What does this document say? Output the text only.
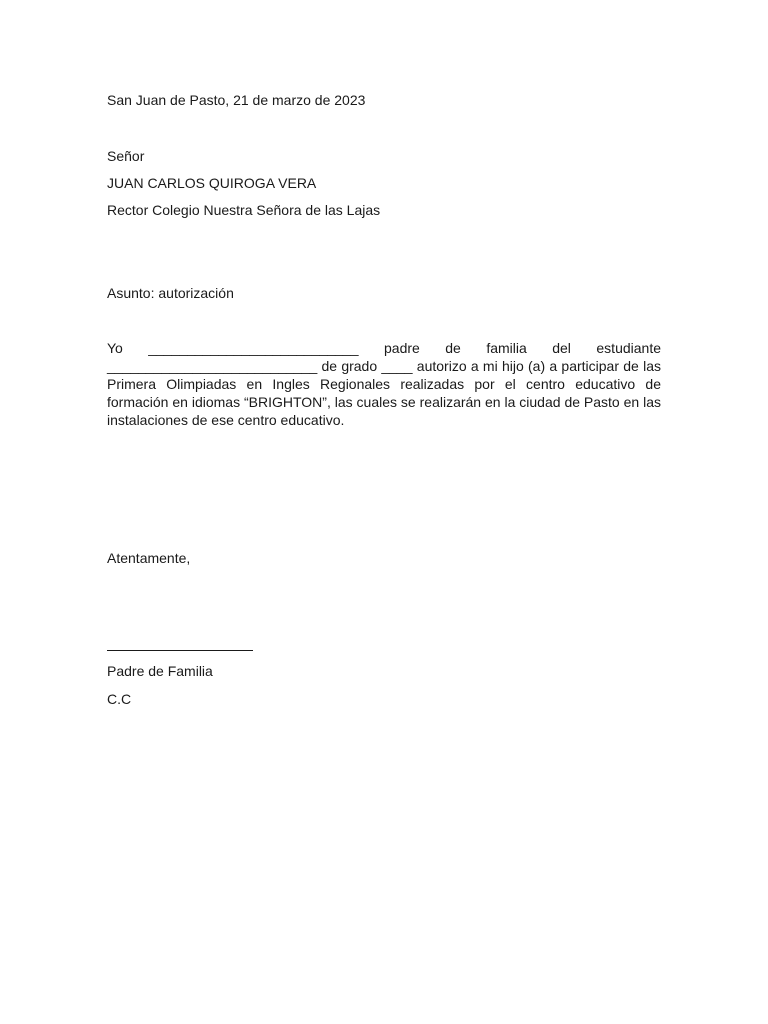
San Juan de Pasto, 21 de marzo de 2023
Señor
JUAN CARLOS QUIROGA VERA
Rector Colegio Nuestra Señora de las Lajas
Asunto: autorización
Yo ___________________________ padre de familia del estudiante ___________________________ de grado ____ autorizo a mi hijo (a) a participar de las Primera Olimpiadas en Ingles Regionales realizadas por el centro educativo de formación en idiomas “BRIGHTON”, las cuales se realizarán en la ciudad de Pasto en las instalaciones de ese centro educativo.
Atentamente,
Padre de Familia
C.C
